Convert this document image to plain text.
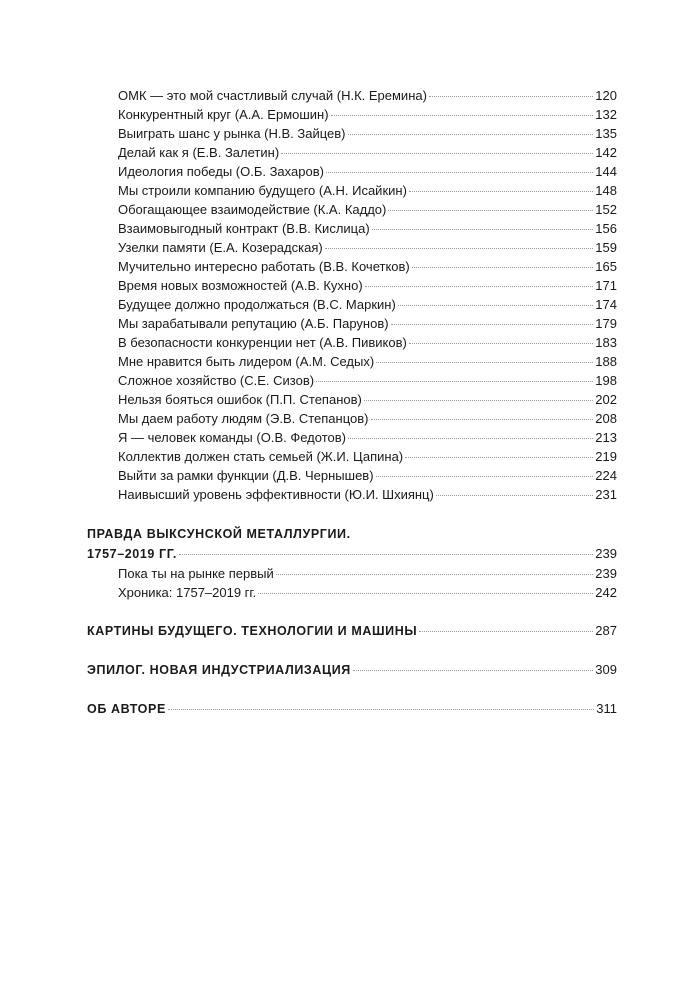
ОМК — это мой счастливый случай (Н.К. Еремина)	120
Конкурентный круг (А.А. Ермошин)	132
Выиграть шанс у рынка (Н.В. Зайцев)	135
Делай как я (Е.В. Залетин)	142
Идеология победы (О.Б. Захаров)	144
Мы строили компанию будущего (А.Н. Исайкин)	148
Обогащающее взаимодействие (К.А. Каддо)	152
Взаимовыгодный контракт (В.В. Кислица)	156
Узелки памяти (Е.А. Козерадская)	159
Мучительно интересно работать (В.В. Кочетков)	165
Время новых возможностей (А.В. Кухно)	171
Будущее должно продолжаться (В.С. Маркин)	174
Мы зарабатывали репутацию (А.Б. Парунов)	179
В безопасности конкуренции нет (А.В. Пивиков)	183
Мне нравится быть лидером (А.М. Седых)	188
Сложное хозяйство (С.Е. Сизов)	198
Нельзя бояться ошибок (П.П. Степанов)	202
Мы даем работу людям (Э.В. Степанцов)	208
Я — человек команды (О.В. Федотов)	213
Коллектив должен стать семьей (Ж.И. Цапина)	219
Выйти за рамки функции (Д.В. Чернышев)	224
Наивысший уровень эффективности (Ю.И. Шхиянц)	231
ПРАВДА ВЫКСУНСКОЙ МЕТАЛЛУРГИИ.
1757–2019 ГГ.	239
Пока ты на рынке первый	239
Хроника: 1757–2019 гг.	242
КАРТИНЫ БУДУЩЕГО. ТЕХНОЛОГИИ И МАШИНЫ	287
ЭПИЛОГ. НОВАЯ ИНДУСТРИАЛИЗАЦИЯ	309
ОБ АВТОРЕ	311
